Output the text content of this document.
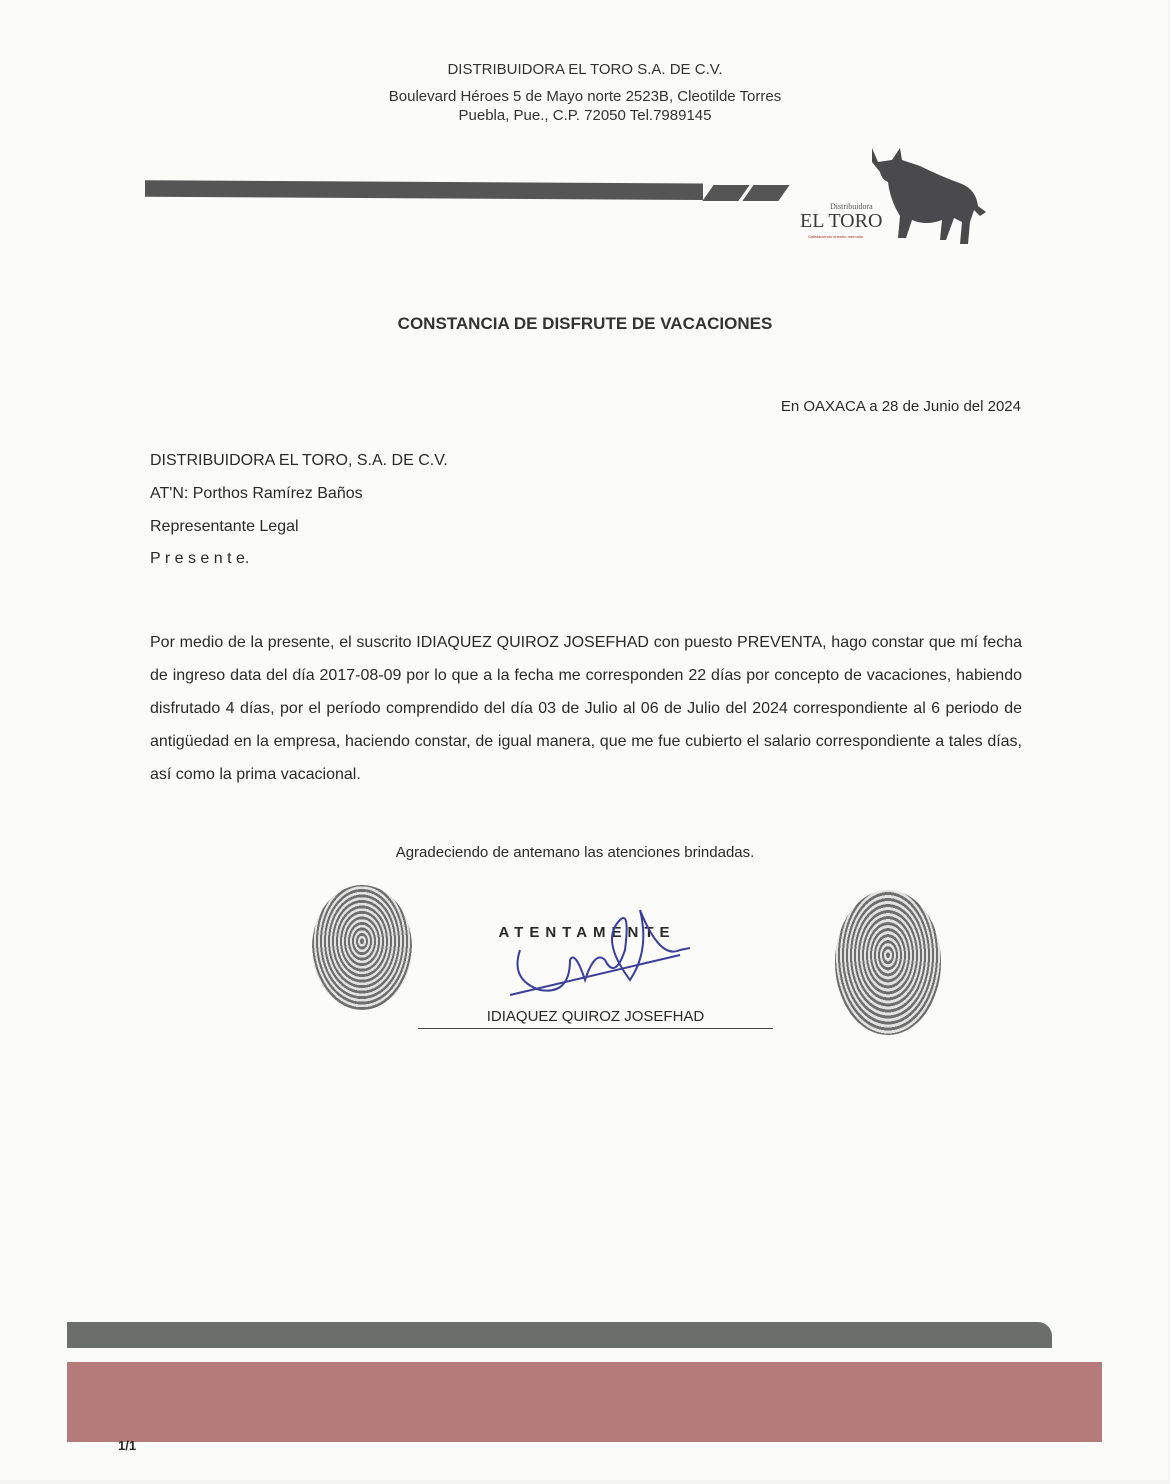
DISTRIBUIDORA EL TORO S.A. DE C.V.
Boulevard Héroes 5 de Mayo norte 2523B, Cleotilde Torres
Puebla, Pue., C.P. 72050 Tel.7989145
Distribuidora
EL TORO
Satisfaciendo nuestro mercado
CONSTANCIA DE DISFRUTE DE VACACIONES
En OAXACA a 28 de Junio del 2024
DISTRIBUIDORA EL TORO, S.A. DE C.V.
AT'N: Porthos Ramírez Baños
Representante Legal
P r e s e n t e.
Por medio de la presente, el suscrito IDIAQUEZ QUIROZ JOSEFHAD con puesto PREVENTA, hago constar que mí fecha de ingreso data del día 2017-08-09 por lo que a la fecha me corresponden 22 días por concepto de vacaciones, habiendo disfrutado 4 días, por el período comprendido del día 03 de Julio al 06 de Julio del 2024 correspondiente al 6 periodo de antigüedad en la empresa, haciendo constar, de igual manera, que me fue cubierto el salario correspondiente a tales días, así como la prima vacacional.
Agradeciendo de antemano las atenciones brindadas.
ATENTAMENTE
IDIAQUEZ QUIROZ JOSEFHAD
1/1
